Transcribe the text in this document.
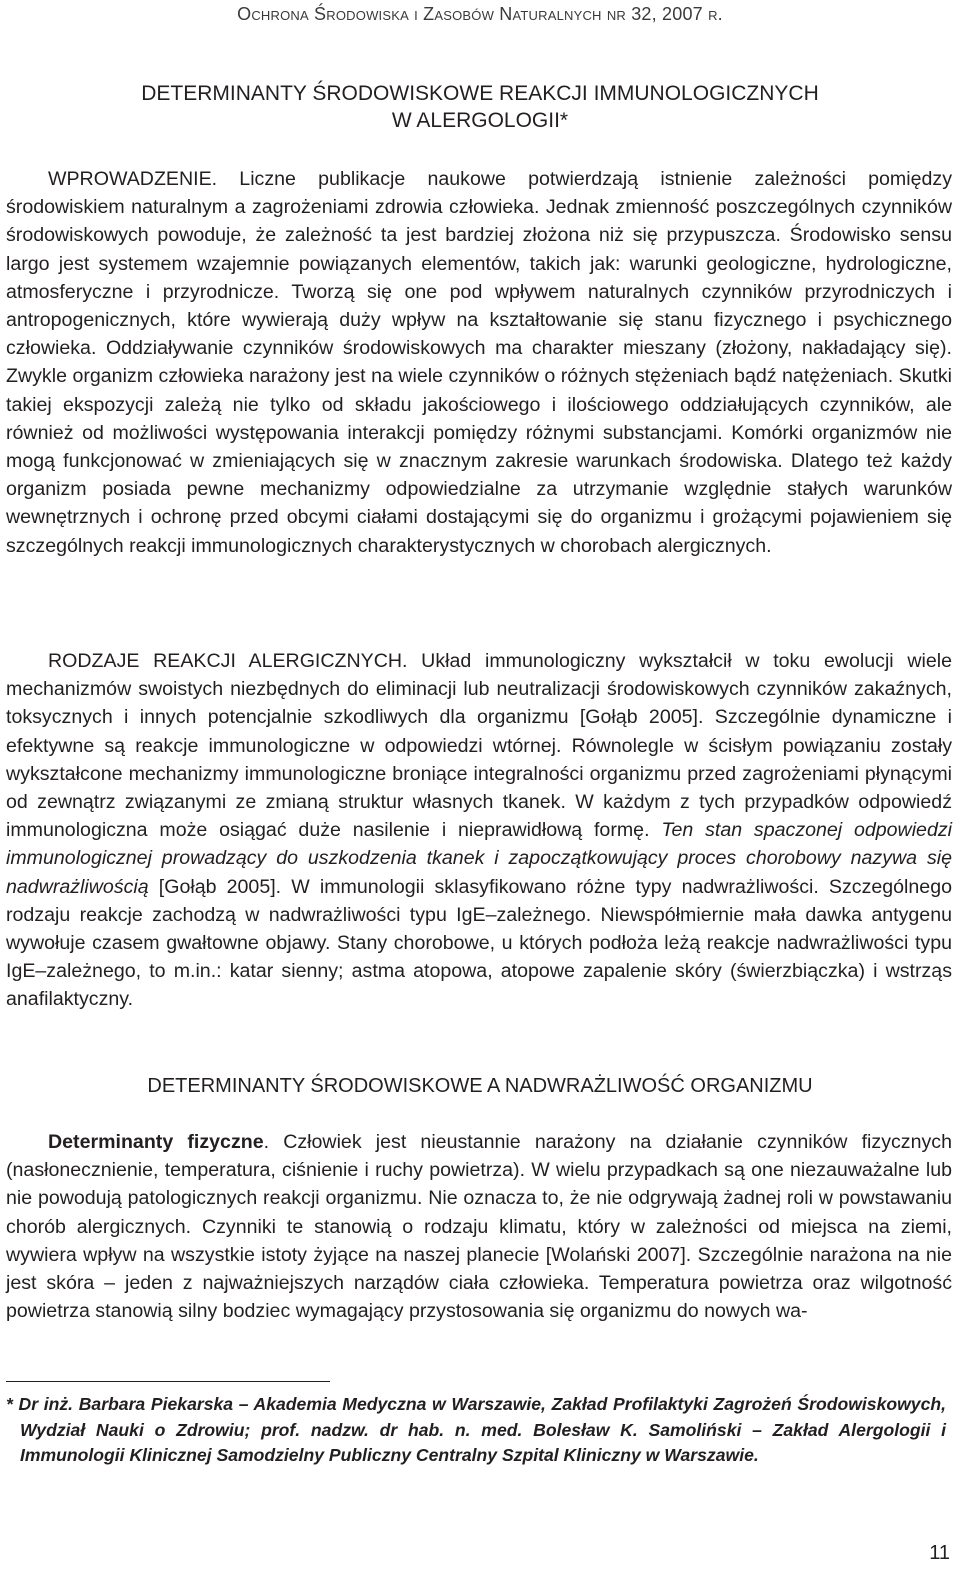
Ochrona Środowiska i Zasobów Naturalnych nr 32, 2007 r.
DETERMINANTY ŚRODOWISKOWE REAKCJI IMMUNOLOGICZNYCH
W ALERGOLOGII*

WPROWADZENIE. Liczne publikacje naukowe potwierdzają istnienie zależności pomiędzy środowiskiem naturalnym a zagrożeniami zdrowia człowieka. Jednak zmienność poszczególnych czynników środowiskowych powoduje, że zależność ta jest bardziej złożona niż się przypuszcza. Środowisko sensu largo jest systemem wzajemnie powiązanych elementów, takich jak: warunki geologiczne, hydrologiczne, atmosferyczne i przyrodnicze. Tworzą się one pod wpływem naturalnych czynników przyrodniczych i antropogenicznych, które wywierają duży wpływ na kształtowanie się stanu fizycznego i psychicznego człowieka. Oddziaływanie czynników środowiskowych ma charakter mieszany (złożony, nakładający się). Zwykle organizm człowieka narażony jest na wiele czynników o różnych stężeniach bądź natężeniach. Skutki takiej ekspozycji zależą nie tylko od składu jakościowego i ilościowego oddziałujących czynników, ale również od możliwości występowania interakcji pomiędzy różnymi substancjami. Komórki organizmów nie mogą funkcjonować w zmieniających się w znacznym zakresie warunkach środowiska. Dlatego też każdy organizm posiada pewne mechanizmy odpowiedzialne za utrzymanie względnie stałych warunków wewnętrznych i ochronę przed obcymi ciałami dostającymi się do organizmu i grożącymi pojawieniem się szczególnych reakcji immunologicznych charakterystycznych w chorobach alergicznych.

RODZAJE REAKCJI ALERGICZNYCH. Układ immunologiczny wykształcił w toku ewolucji wiele mechanizmów swoistych niezbędnych do eliminacji lub neutralizacji środowiskowych czynników zakaźnych, toksycznych i innych potencjalnie szkodliwych dla organizmu [Gołąb 2005]. Szczególnie dynamiczne i efektywne są reakcje immunologiczne w odpowiedzi wtórnej. Równolegle w ścisłym powiązaniu zostały wykształcone mechanizmy immunologiczne broniące integralności organizmu przed zagrożeniami płynącymi od zewnątrz związanymi ze zmianą struktur własnych tkanek. W każdym z tych przypadków odpowiedź immunologiczna może osiągać duże nasilenie i nieprawidłową formę. Ten stan spaczonej odpowiedzi immunologicznej prowadzący do uszkodzenia tkanek i zapoczątkowujący proces chorobowy nazywa się nadwrażliwością [Gołąb 2005]. W immunologii sklasyfikowano różne typy nadwrażliwości. Szczególnego rodzaju reakcje zachodzą w nadwrażliwości typu IgE–zależnego. Niewspółmiernie mała dawka antygenu wywołuje czasem gwałtowne objawy. Stany chorobowe, u których podłoża leżą reakcje nadwrażliwości typu IgE–zależnego, to m.in.: katar sienny; astma atopowa, atopowe zapalenie skóry (świerzbiączka) i wstrząs anafilaktyczny.

DETERMINANTY ŚRODOWISKOWE A NADWRAŻLIWOŚĆ ORGANIZMU

Determinanty fizyczne. Człowiek jest nieustannie narażony na działanie czynników fizycznych (nasłonecznienie, temperatura, ciśnienie i ruchy powietrza). W wielu przypadkach są one niezauważalne lub nie powodują patologicznych reakcji organizmu. Nie oznacza to, że nie odgrywają żadnej roli w powstawaniu chorób alergicznych. Czynniki te stanowią o rodzaju klimatu, który w zależności od miejsca na ziemi, wywiera wpływ na wszystkie istoty żyjące na naszej planecie [Wolański 2007]. Szczególnie narażona na nie jest skóra – jeden z najważniejszych narządów ciała człowieka. Temperatura powietrza oraz wilgotność powietrza stanowią silny bodziec wymagający przystosowania się organizmu do nowych wa-

* Dr inż. Barbara Piekarska – Akademia Medyczna w Warszawie, Zakład Profilaktyki Zagrożeń Środowiskowych, Wydział Nauki o Zdrowiu; prof. nadzw. dr hab. n. med. Bolesław K. Samoliński – Zakład Alergologii i Immunologii Klinicznej Samodzielny Publiczny Centralny Szpital Kliniczny w Warszawie.

11
